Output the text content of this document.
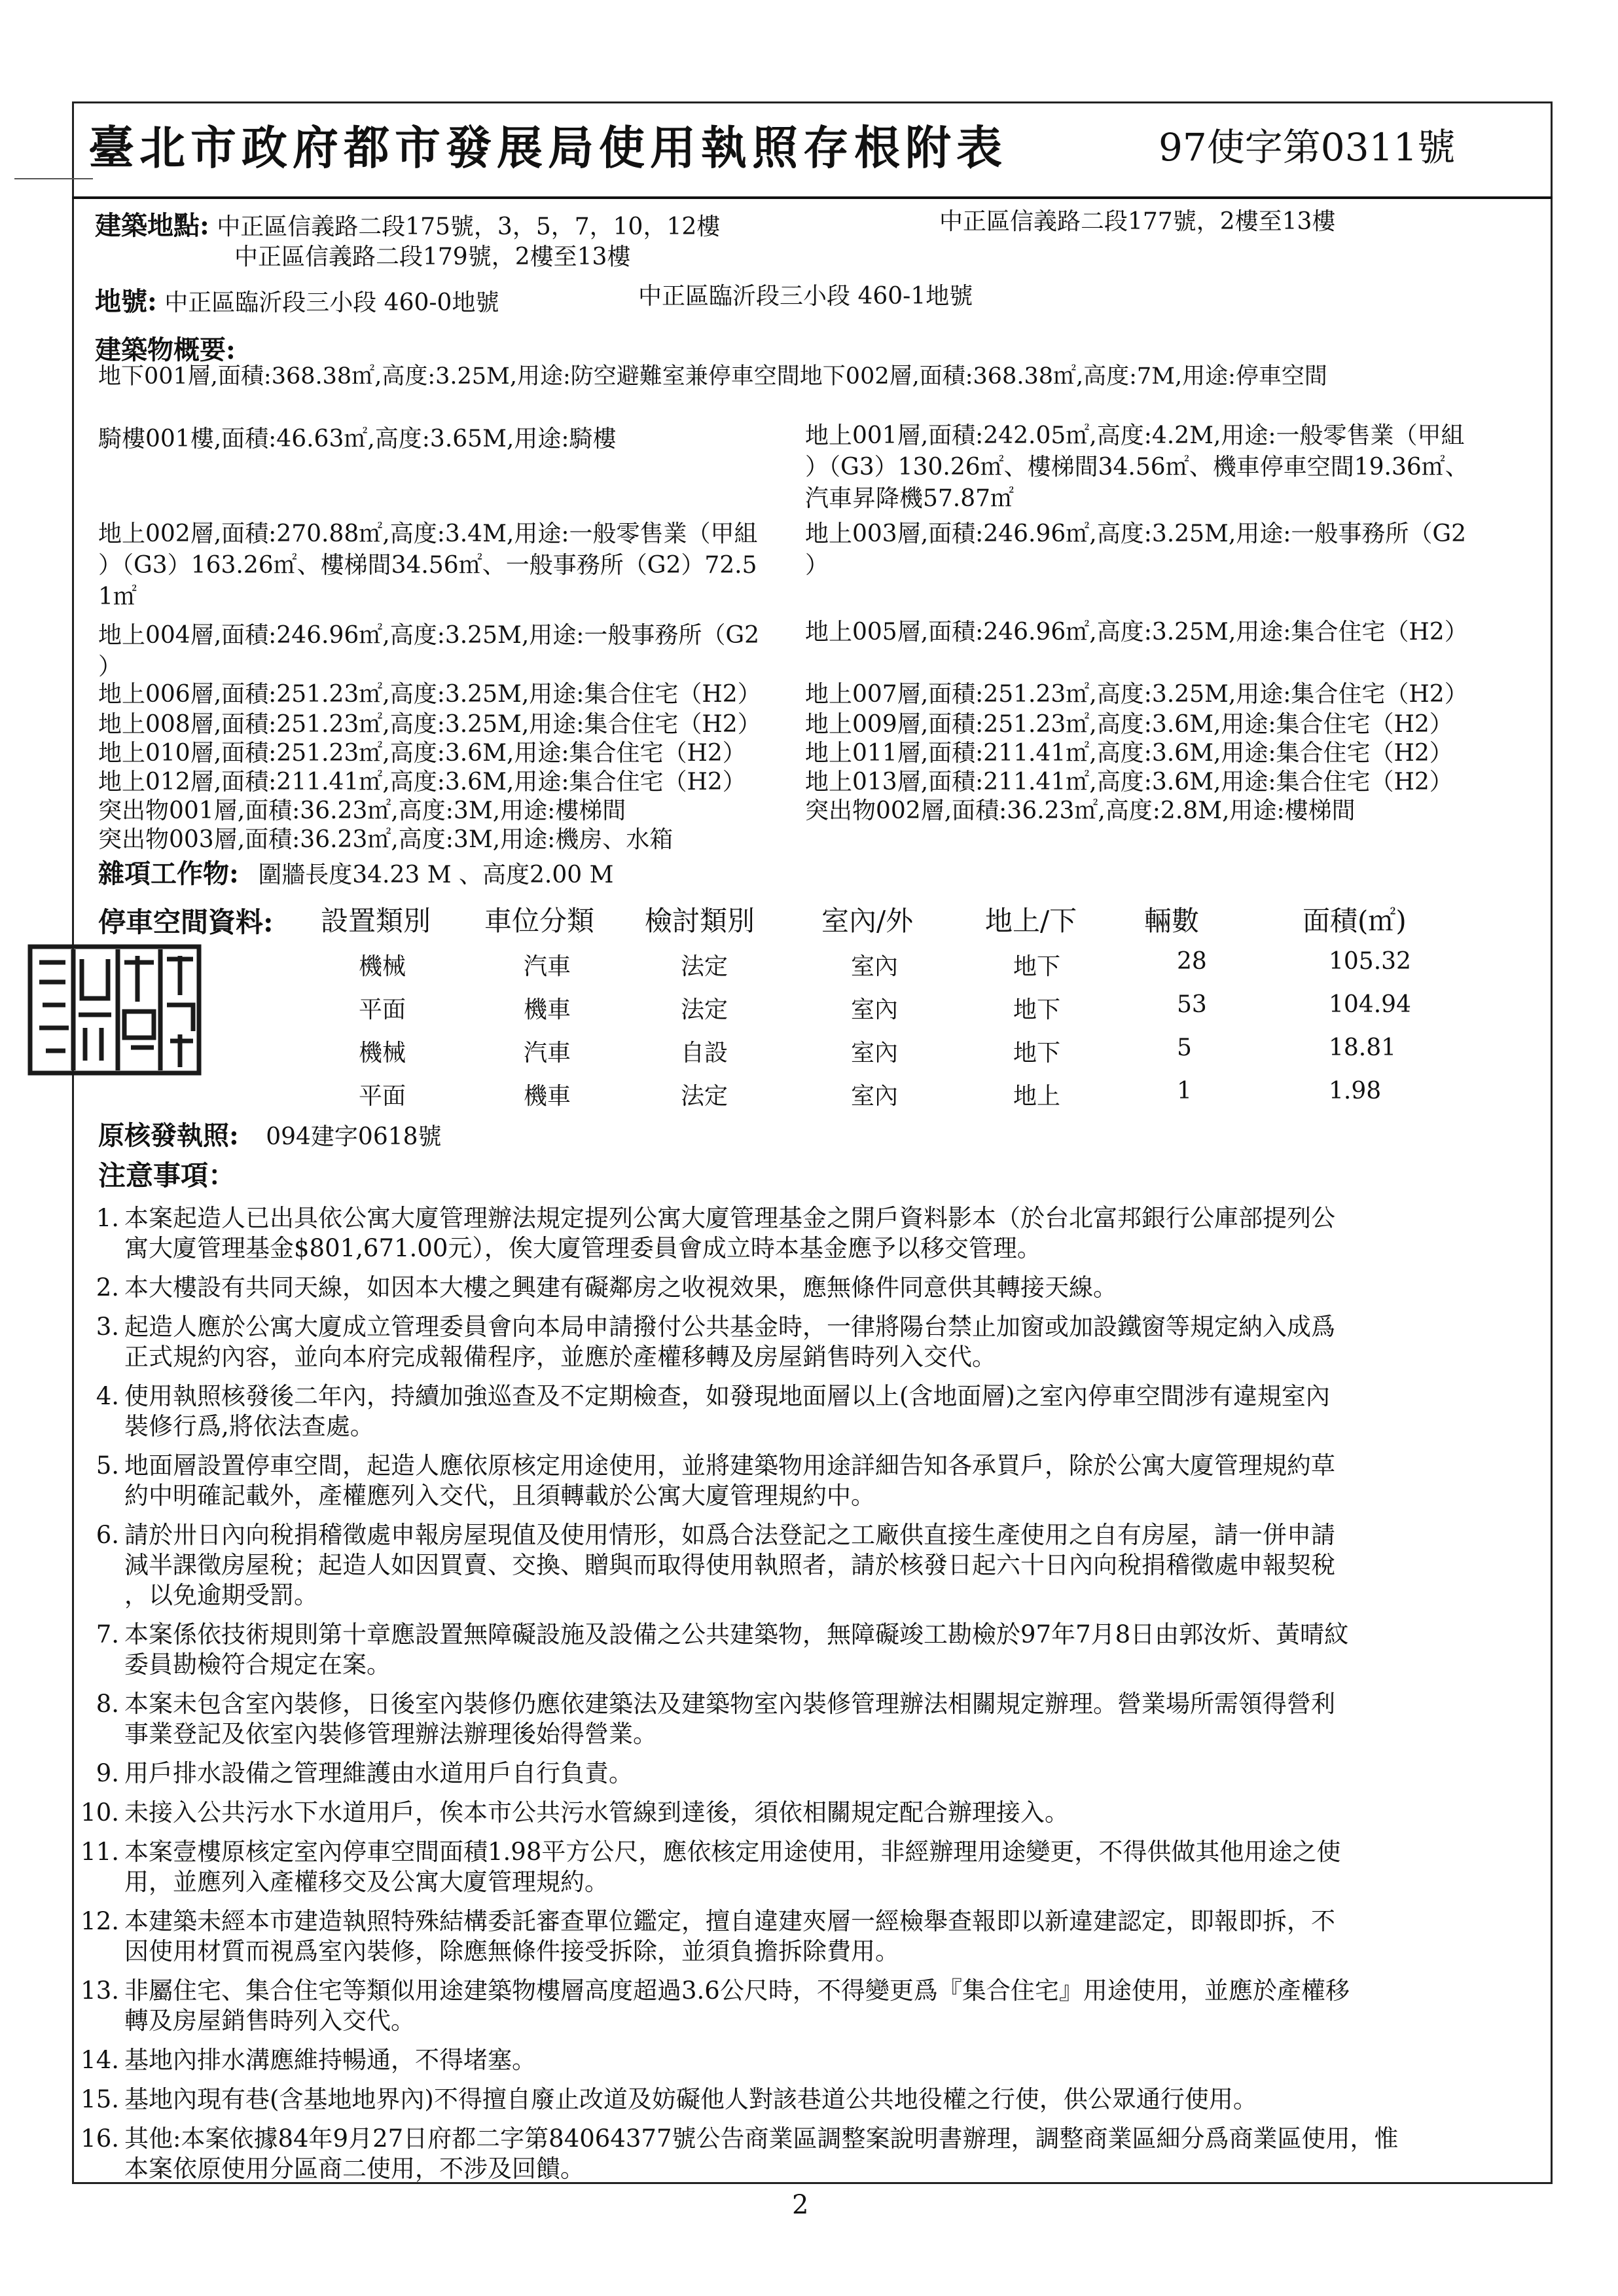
臺北市政府都市發展局使用執照存根附表	97使字第0311號
建築地點: 中正區信義路二段175號，3，5，7，10，12樓	中正區信義路二段177號，2樓至13樓
中正區信義路二段179號，2樓至13樓
地號: 中正區臨沂段三小段 460-0地號	中正區臨沂段三小段 460-1地號
建築物概要:
地下001層,面積:368.38㎡,高度:3.25M,用途:防空避難室兼停車空間地下002層,面積:368.38㎡,高度:7M,用途:停車空間
騎樓001樓,面積:46.63㎡,高度:3.65M,用途:騎樓	地上001層,面積:242.05㎡,高度:4.2M,用途:一般零售業（甲組
）（G3）130.26㎡、樓梯間34.56㎡、機車停車空間19.36㎡、
汽車昇降機57.87㎡
地上002層,面積:270.88㎡,高度:3.4M,用途:一般零售業（甲組
）（G3）163.26㎡、樓梯間34.56㎡、一般事務所（G2）72.5
1㎡
地上003層,面積:246.96㎡,高度:3.25M,用途:一般事務所（G2
）
地上004層,面積:246.96㎡,高度:3.25M,用途:一般事務所（G2
）
地上005層,面積:246.96㎡,高度:3.25M,用途:集合住宅（H2）
地上006層,面積:251.23㎡,高度:3.25M,用途:集合住宅（H2） 地上007層,面積:251.23㎡,高度:3.25M,用途:集合住宅（H2）
地上008層,面積:251.23㎡,高度:3.25M,用途:集合住宅（H2） 地上009層,面積:251.23㎡,高度:3.6M,用途:集合住宅（H2）
地上010層,面積:251.23㎡,高度:3.6M,用途:集合住宅（H2）	地上011層,面積:211.41㎡,高度:3.6M,用途:集合住宅（H2）
地上012層,面積:211.41㎡,高度:3.6M,用途:集合住宅（H2）	地上013層,面積:211.41㎡,高度:3.6M,用途:集合住宅（H2）
突出物001層,面積:36.23㎡,高度:3M,用途:樓梯間	突出物002層,面積:36.23㎡,高度:2.8M,用途:樓梯間
突出物003層,面積:36.23㎡,高度:3M,用途:機房、水箱
雜項工作物: 圍牆長度34.23 M 、高度2.00 M
停車空間資料: 設置類別 車位分類 檢討類別 室內/外	地上/下 輛數	面積(㎡)
機械	汽車	法定	室內	地下	28	105.32
平面	機車	法定	室內	地下	53	104.94
機械	汽車	自設	室內	地下	5	18.81
平面	機車	法定	室內	地上	1	1.98
原核發執照: 094建字0618號
注意事項：
1. 本案起造人已出具依公寓大廈管理辦法規定提列公寓大廈管理基金之開戶資料影本（於台北富邦銀行公庫部提列公
寓大廈管理基金$801,671.00元），俟大廈管理委員會成立時本基金應予以移交管理。
2. 本大樓設有共同天線，如因本大樓之興建有礙鄰房之收視效果，應無條件同意供其轉接天線。
3. 起造人應於公寓大廈成立管理委員會向本局申請撥付公共基金時，一律將陽台禁止加窗或加設鐵窗等規定納入成爲
正式規約內容，並向本府完成報備程序，並應於產權移轉及房屋銷售時列入交代。
4. 使用執照核發後二年內，持續加強巡查及不定期檢查，如發現地面層以上(含地面層)之室內停車空間涉有違規室內
裝修行爲,將依法查處。
5. 地面層設置停車空間，起造人應依原核定用途使用，並將建築物用途詳細告知各承買戶，除於公寓大廈管理規約草
約中明確記載外，產權應列入交代，且須轉載於公寓大廈管理規約中。
6. 請於卅日內向稅捐稽徵處申報房屋現值及使用情形，如爲合法登記之工廠供直接生產使用之自有房屋，請一併申請
減半課徵房屋稅；起造人如因買賣、交換、贈與而取得使用執照者，請於核發日起六十日內向稅捐稽徵處申報契稅
，以免逾期受罰。
7. 本案係依技術規則第十章應設置無障礙設施及設備之公共建築物，無障礙竣工勘檢於97年7月8日由郭汝炘、黃晴紋
委員勘檢符合規定在案。
8. 本案未包含室內裝修，日後室內裝修仍應依建築法及建築物室內裝修管理辦法相關規定辦理。營業場所需領得營利
事業登記及依室內裝修管理辦法辦理後始得營業。
9. 用戶排水設備之管理維護由水道用戶自行負責。
10. 未接入公共污水下水道用戶，俟本市公共污水管線到達後，須依相關規定配合辦理接入。
11. 本案壹樓原核定室內停車空間面積1.98平方公尺，應依核定用途使用，非經辦理用途變更，不得供做其他用途之使
用，並應列入產權移交及公寓大廈管理規約。
12. 本建築未經本市建造執照特殊結構委託審查單位鑑定，擅自違建夾層一經檢舉查報即以新違建認定，即報即拆，不
因使用材質而視爲室內裝修，除應無條件接受拆除，並須負擔拆除費用。
13. 非屬住宅、集合住宅等類似用途建築物樓層高度超過3.6公尺時，不得變更爲『集合住宅』用途使用，並應於產權移
轉及房屋銷售時列入交代。
14. 基地內排水溝應維持暢通，不得堵塞。
15. 基地內現有巷(含基地地界內)不得擅自廢止改道及妨礙他人對該巷道公共地役權之行使，供公眾通行使用。
16. 其他:本案依據84年9月27日府都二字第84064377號公告商業區調整案說明書辦理，調整商業區細分爲商業區使用，惟
本案依原使用分區商二使用，不涉及回饋。
2
